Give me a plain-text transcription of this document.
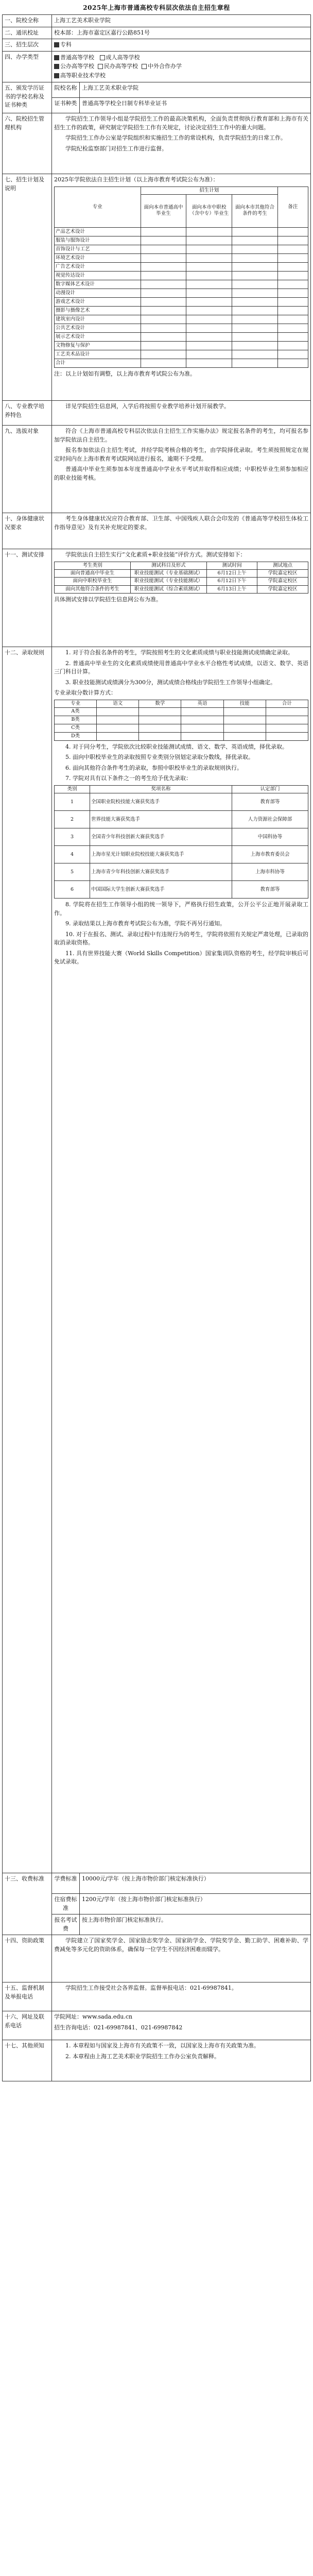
2025年上海市普通高校专科层次依法自主招生章程
一、院校全称	上海工艺美术职业学院
二、通讯校址	校本部：上海市嘉定区嘉行公路851号
三、招生层次	专科
四、办学类型	普通高等学校 成人高等学校
公办高等学校 民办高等学校 中外合作办学
高等职业技术学校

五、颁发学历证书的学校名称及证书种类	院校名称	上海工艺美术职业学院
证书种类	普通高等学校全日制专科毕业证书
六、院校招生管理机构	

学院招生工作领导小组是学院招生工作的最高决策机构，全面负责贯彻执行教育部和上海市有关招生工作的政策，研究制定学院招生工作有关规定，讨论决定招生工作中的重大问题。

学院招生工作办公室是学院组织和实施招生工作的常设机构，负责学院招生的日常工作。

学院纪检监察部门对招生工作进行监督。

七、招生计划及说明	

2025年学院依法自主招生计划（以上海市教育考试院公布为准）：

专业	招生计划	备注
面向本市普通高中毕业生	面向本市中职校（含中专）毕业生	面向本市其他符合条件的考生
产品艺术设计				
服装与服饰设计				
首饰设计与工艺				
环境艺术设计				
广告艺术设计				
视觉传达设计				
数字媒体艺术设计				
动漫设计				
游戏艺术设计				
摄影与摄像艺术				
建筑室内设计				
公共艺术设计				
展示艺术设计				
文物修复与保护				
工艺美术品设计				
合计				

注：以上计划如有调整，以上海市教育考试院公布为准。

八、专业教学培养特色	

详见学院招生信息网，入学后将按照专业教学培养计划开展教学。

九、选拔对象	符合《上海市普通高校专科层次依法自主招生工作实施办法》规定报名条件的考生，均可报名参加学院依法自主招生。

报名参加依法自主招生考试，并经学院考核合格的考生，由学院择优录取。考生须按照规定在规定时间内在上海市教育考试院网站进行报名，逾期不予受理。

普通高中毕业生须参加本年度普通高中学业水平考试并取得相应成绩；中职校毕业生须参加相应的职业技能考核。

十、身体健康状况要求	

考生身体健康状况应符合教育部、卫生部、中国残疾人联合会印发的《普通高等学校招生体检工作指导意见》及有关补充规定的要求。

十一、测试安排	学院依法自主招生实行“文化素质+职业技能”评价方式。测试安排如下：

考生类别	测试科目及形式	测试时间	测试地点
面向普通高中毕业生	职业技能测试（专业基础测试）	6月12日上午	学院嘉定校区
面向中职校毕业生	职业技能测试（专业技能测试）	6月12日下午	学院嘉定校区
面向其他符合条件的考生	职业技能测试（综合素质测试）	6月13日上午	学院嘉定校区

具体测试安排以学院招生信息网公布为准。

十二、录取规则	1. 对于符合报名条件的考生，学院按照考生的文化素质成绩与职业技能测试成绩确定录取。

2. 普通高中毕业生的文化素质成绩使用普通高中学业水平合格性考试成绩，以语文、数学、英语三门科目计算。

3. 职业技能测试成绩满分为300分，测试成绩合格线由学院招生工作领导小组确定。

专业录取分数计算方式：

专业	语文	数学	英语	技能	合计
A类					
B类					
C类					
D类					

4. 对于同分考生，学院依次比较职业技能测试成绩、语文、数学、英语成绩，择优录取。

5. 面向中职校毕业生的录取按照专业类别分别划定录取分数线，择优录取。

6. 面向其他符合条件考生的录取，参照中职校毕业生的录取规则执行。

7. 学院对具有以下条件之一的考生给予优先录取：

类别	奖项名称	认定部门
1	全国职业院校技能大赛获奖选手	教育部等
2	世界技能大赛获奖选手	人力资源社会保障部
3	全国青少年科技创新大赛获奖选手	中国科协等
4	上海市星光计划职业院校技能大赛获奖选手	上海市教育委员会
5	上海市青少年科技创新大赛获奖选手	上海市科协等
6	中国国际大学生创新大赛获奖选手	教育部等

8. 学院将在招生工作领导小组的统一领导下，严格执行招生政策，公开公平公正地开展录取工作。

9. 录取结果以上海市教育考试院公布为准，学院不再另行通知。

10. 对于在报名、测试、录取过程中有违规行为的考生，学院将依照有关规定严肃处理，已录取的取消录取资格。

11. 具有世界技能大赛（World Skills Competition）国家集训队资格的考生，经学院审核后可免试录取。

十三、收费标准	学费标准	10000元/学年（按上海市物价部门核定标准执行）
住宿费标准	1200元/学年（按上海市物价部门核定标准执行）
报名考试费	按上海市物价部门核定标准执行。
十四、资助政策	学院建立了国家奖学金、国家励志奖学金、国家助学金、学院奖学金、勤工助学、困难补助、学费减免等多元化的资助体系，确保每一位学生不因经济困难而辍学。

十五、监督机制及举报电话	

学院招生工作接受社会各界监督。监督举报电话：021-69987841。

十六、网址及联系电话	

学院网址：www.sada.edu.cn

招生咨询电话：021-69987841、021-69987842

十七、其他须知	1. 本章程如与国家及上海市有关政策不一致，以国家及上海市有关政策为准。

2. 本章程由上海工艺美术职业学院招生工作办公室负责解释。
